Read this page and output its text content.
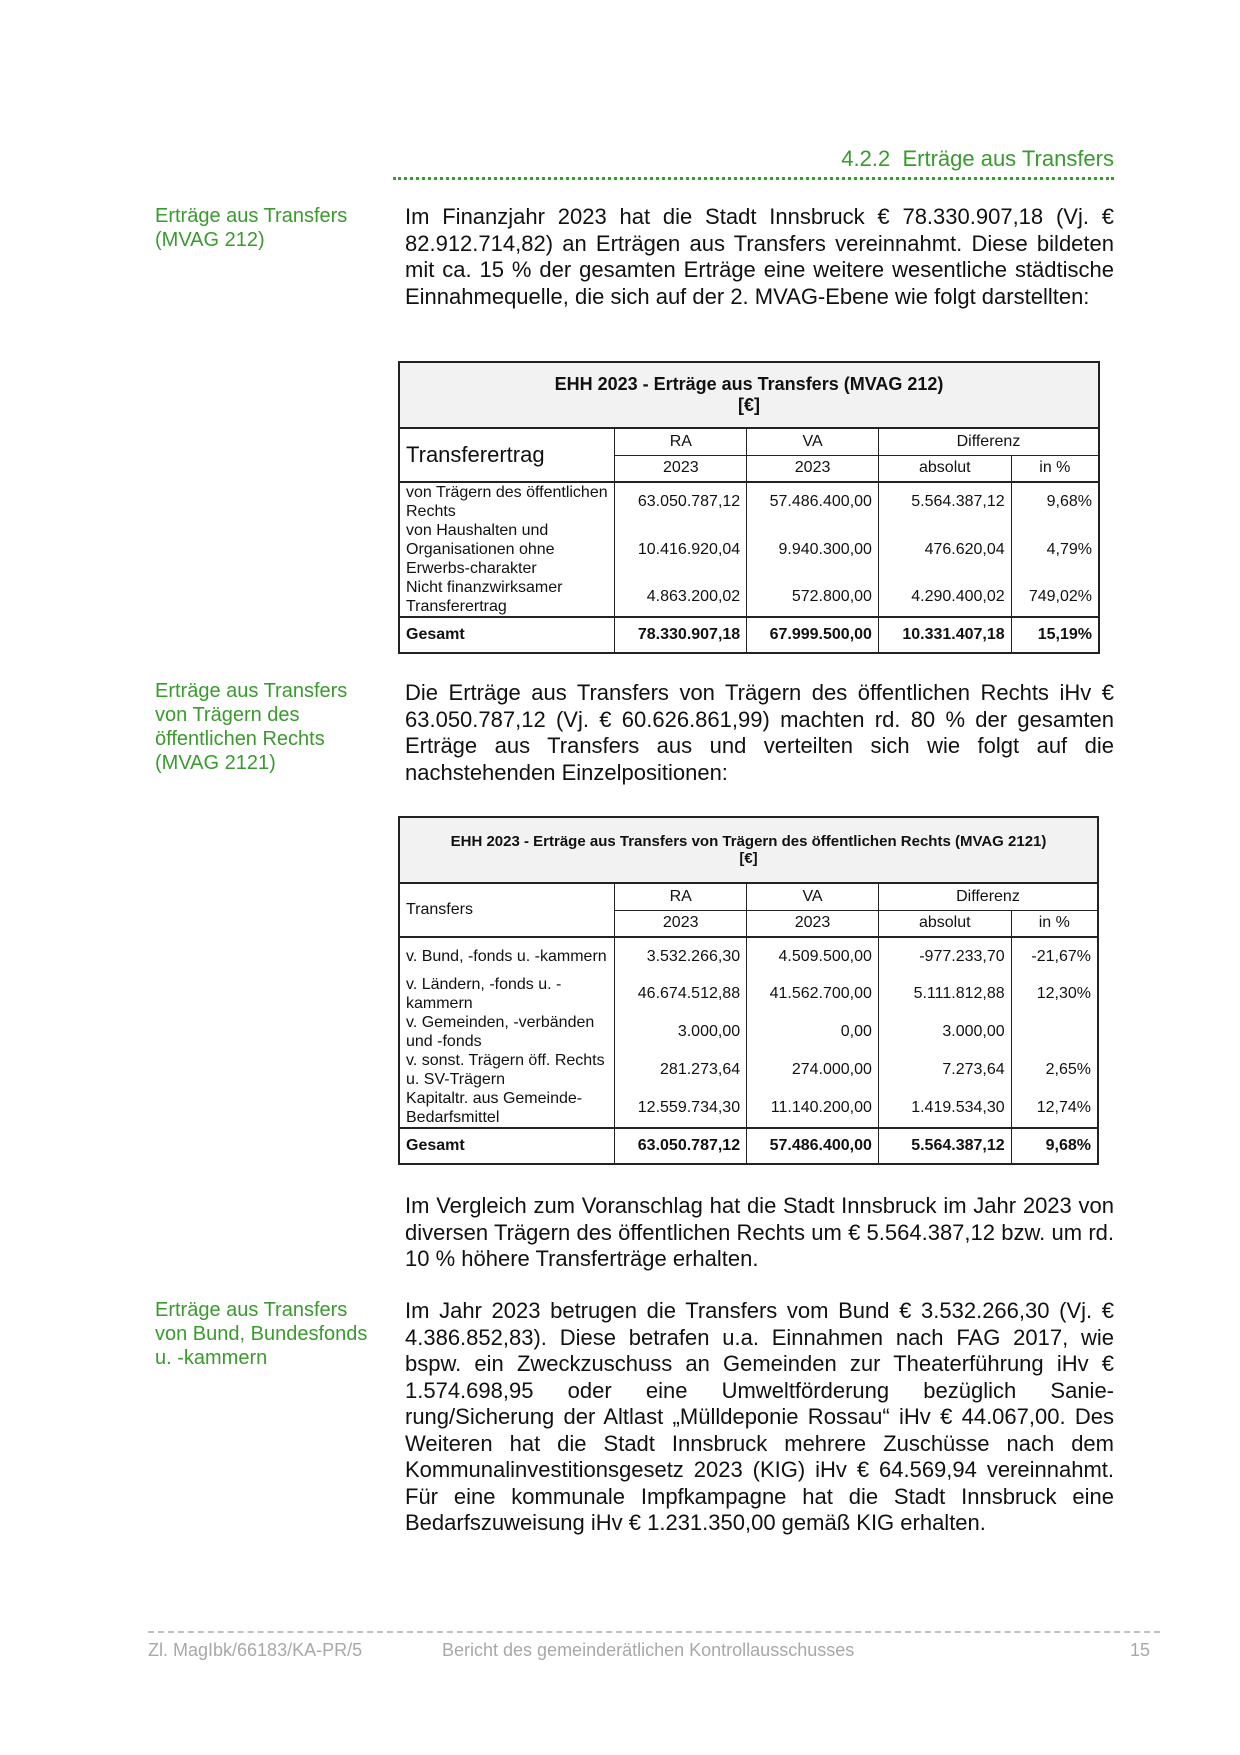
4.2.2 Erträge aus Transfers
Erträge aus Transfers
(MVAG 212)
Erträge aus Transfers
von Trägern des
öffentlichen Rechts
(MVAG 2121)
Erträge aus Transfers
von Bund, Bundesfonds
u. -kammern

Im Finanzjahr 2023 hat die Stadt Innsbruck € 78.330.907,18 (Vj. € 82.912.714,82) an Erträgen aus Transfers vereinnahmt. Diese bildeten mit ca. 15 % der gesamten Erträge eine weitere wesentliche städtische Einnahmequelle, die sich auf der 2. MVAG-Ebene wie folgt darstellten:

EHH 2023 - Erträge aus Transfers (MVAG 212)
[€]				

Transferertrag	RA	VA	Differenz	
	2023	2023	absolut	in %
von Trägern des öffentlichen Rechts	63.050.787,12	57.486.400,00	5.564.387,12	9,68%
von Haushalten und Organisationen ohne Erwerbs-charakter	10.416.920,04	9.940.300,00	476.620,04	4,79%
Nicht finanzwirksamer Transferertrag	4.863.200,02	572.800,00	4.290.400,02	749,02%
Gesamt	78.330.907,18	67.999.500,00	10.331.407,18	15,19%

Die Erträge aus Transfers von Trägern des öffentlichen Rechts iHv € 63.050.787,12 (Vj. € 60.626.861,99) machten rd. 80 % der gesamten Erträge aus Transfers aus und verteilten sich wie folgt auf die nachstehenden Einzelpositionen:

EHH 2023 - Erträge aus Transfers von Trägern des öffentlichen Rechts (MVAG 2121)
[€]				

Transfers	RA	VA	Differenz	
	2023	2023	absolut	in %
v. Bund, -fonds u. -kammern	3.532.266,30	4.509.500,00	-977.233,70	-21,67%
v. Ländern, -fonds u. -kammern	46.674.512,88	41.562.700,00	5.111.812,88	12,30%
v. Gemeinden, -verbänden und -fonds	3.000,00	0,00	3.000,00	
v. sonst. Trägern öff. Rechts u. SV-Trägern	281.273,64	274.000,00	7.273,64	2,65%
Kapitaltr. aus Gemeinde-Bedarfsmittel	12.559.734,30	11.140.200,00	1.419.534,30	12,74%
Gesamt	63.050.787,12	57.486.400,00	5.564.387,12	9,68%

Im Vergleich zum Voranschlag hat die Stadt Innsbruck im Jahr 2023 von diversen Trägern des öffentlichen Rechts um € 5.564.387,12 bzw. um rd. 10 % höhere Transferträge erhalten.

Im Jahr 2023 betrugen die Transfers vom Bund € 3.532.266,30 (Vj. € 4.386.852,83). Diese betrafen u.a. Einnahmen nach FAG 2017, wie bspw. ein Zweckzuschuss an Gemeinden zur Theaterführung iHv € 1.574.698,95 oder eine Umweltförderung bezüglich Sanie-rung/Sicherung der Altlast „Mülldeponie Rossau“ iHv € 44.067,00. Des Weiteren hat die Stadt Innsbruck mehrere Zuschüsse nach dem Kommunalinvestitionsgesetz 2023 (KIG) iHv € 64.569,94 vereinnahmt. Für eine kommunale Impfkampagne hat die Stadt Innsbruck eine Bedarfszuweisung iHv € 1.231.350,00 gemäß KIG erhalten.

Zl. MagIbk/66183/KA-PR/5	Bericht des gemeinderätlichen Kontrollausschusses	15
